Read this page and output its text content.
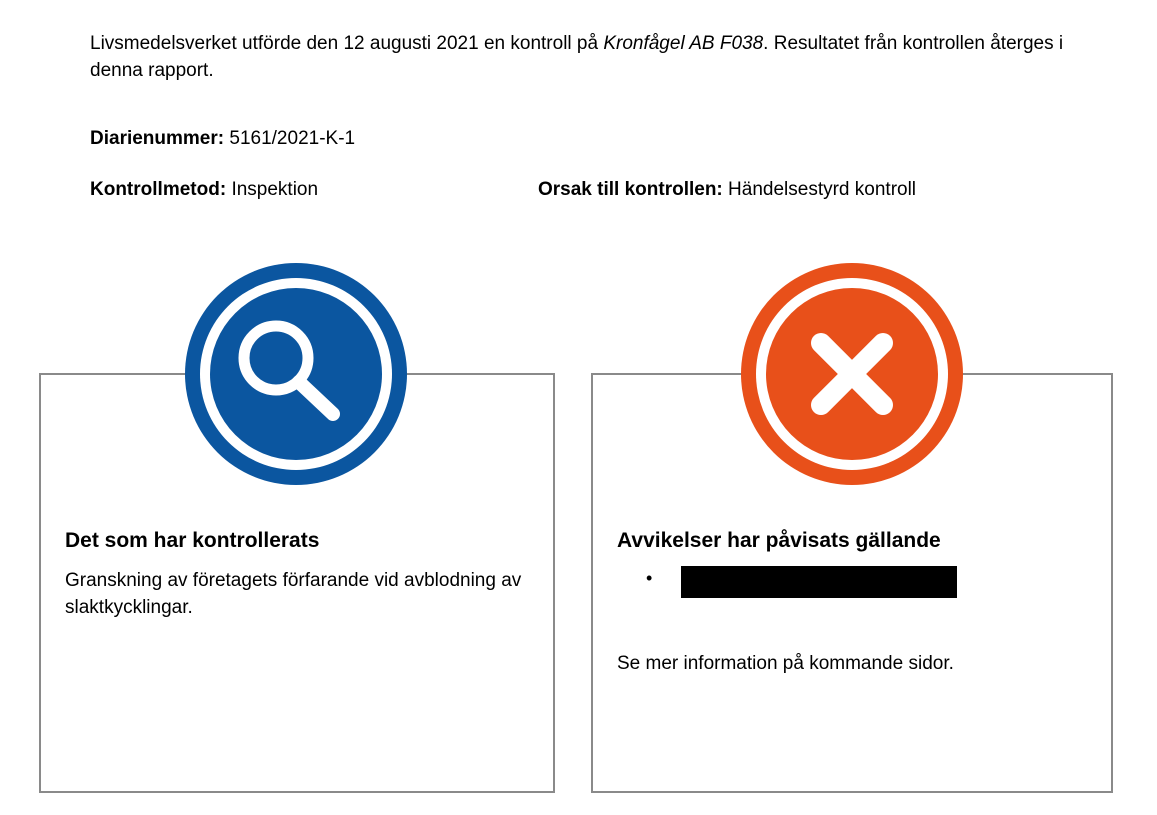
Livsmedelsverket utförde den 12 augusti 2021 en kontroll på Kronfågel AB F038. Resultatet från kontrollen återges i denna rapport.
Diarienummer: 5161/2021-K-1
Kontrollmetod: Inspektion	Orsak till kontrollen: Händelsestyrd kontroll
Det som har kontrollerats
Granskning av företagets förfarande vid avblodning av slaktkycklingar.
Avvikelser har påvisats gällande
•
Se mer information på kommande sidor.
